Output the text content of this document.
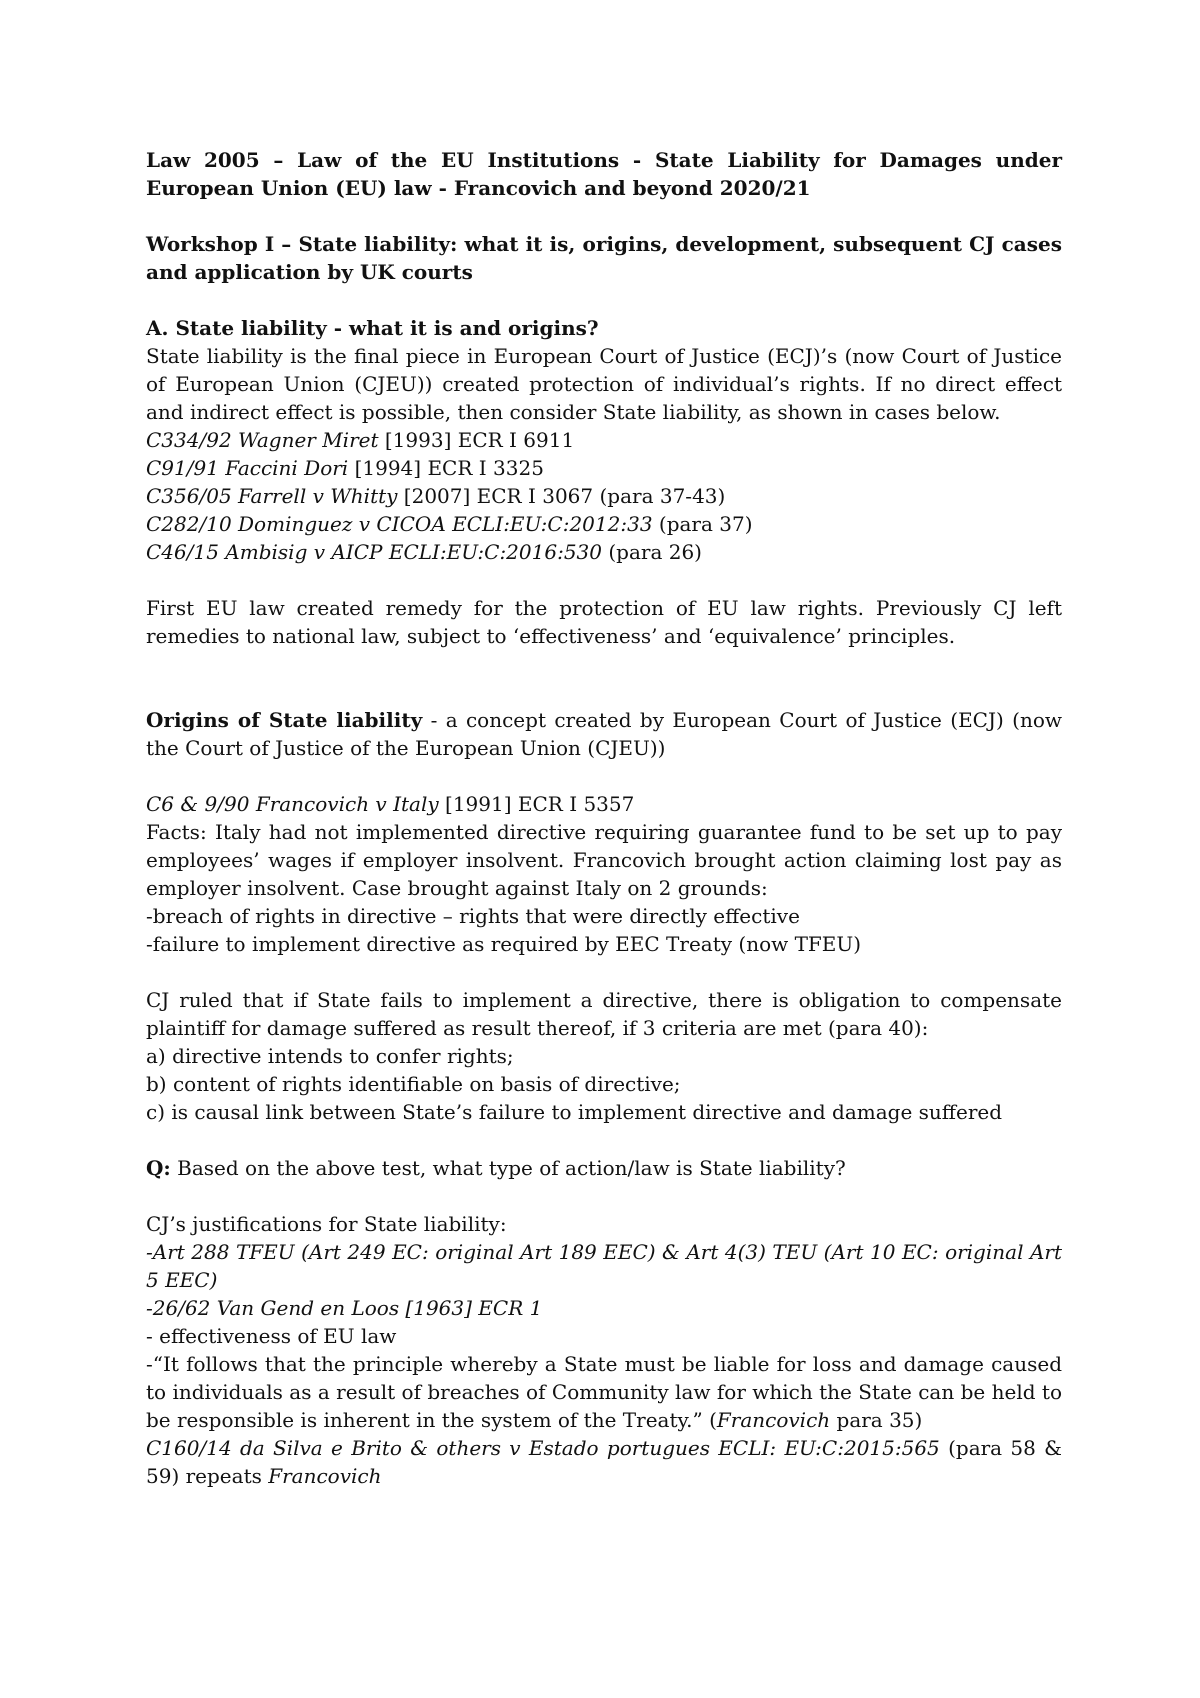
Law 2005 – Law of the EU Institutions - State Liability for Damages under European Union (EU) law - Francovich and beyond 2020/21

Workshop I – State liability: what it is, origins, development, subsequent CJ cases and application by UK courts

A. State liability - what it is and origins?

State liability is the final piece in European Court of Justice (ECJ)’s (now Court of Justice of European Union (CJEU)) created protection of individual’s rights. If no direct effect and indirect effect is possible, then consider State liability, as shown in cases below.

C334/92 Wagner Miret [1993] ECR I 6911

C91/91 Faccini Dori [1994] ECR I 3325

C356/05 Farrell v Whitty [2007] ECR I 3067 (para 37-43)

C282/10 Dominguez v CICOA ECLI:EU:C:2012:33 (para 37)

C46/15 Ambisig v AICP ECLI:EU:C:2016:530 (para 26)

First EU law created remedy for the protection of EU law rights. Previously CJ left remedies to national law, subject to ‘effectiveness’ and ‘equivalence’ principles.

Origins of State liability - a concept created by European Court of Justice (ECJ) (now the Court of Justice of the European Union (CJEU))

C6 & 9/90 Francovich v Italy [1991] ECR I 5357

Facts: Italy had not implemented directive requiring guarantee fund to be set up to pay employees’ wages if employer insolvent. Francovich brought action claiming lost pay as employer insolvent. Case brought against Italy on 2 grounds:

-breach of rights in directive – rights that were directly effective

-failure to implement directive as required by EEC Treaty (now TFEU)

CJ ruled that if State fails to implement a directive, there is obligation to compensate plaintiff for damage suffered as result thereof, if 3 criteria are met (para 40):

a) directive intends to confer rights;

b) content of rights identifiable on basis of directive;

c) is causal link between State’s failure to implement directive and damage suffered

Q: Based on the above test, what type of action/law is State liability?

CJ’s justifications for State liability:

-Art 288 TFEU (Art 249 EC: original Art 189 EEC) & Art 4(3) TEU (Art 10 EC: original Art 5 EEC)

-26/62 Van Gend en Loos [1963] ECR 1

- effectiveness of EU law

-“It follows that the principle whereby a State must be liable for loss and damage caused to individuals as a result of breaches of Community law for which the State can be held to be responsible is inherent in the system of the Treaty.” (Francovich para 35)

C160/14 da Silva e Brito & others v Estado portugues ECLI: EU:C:2015:565 (para 58 & 59) repeats Francovich
